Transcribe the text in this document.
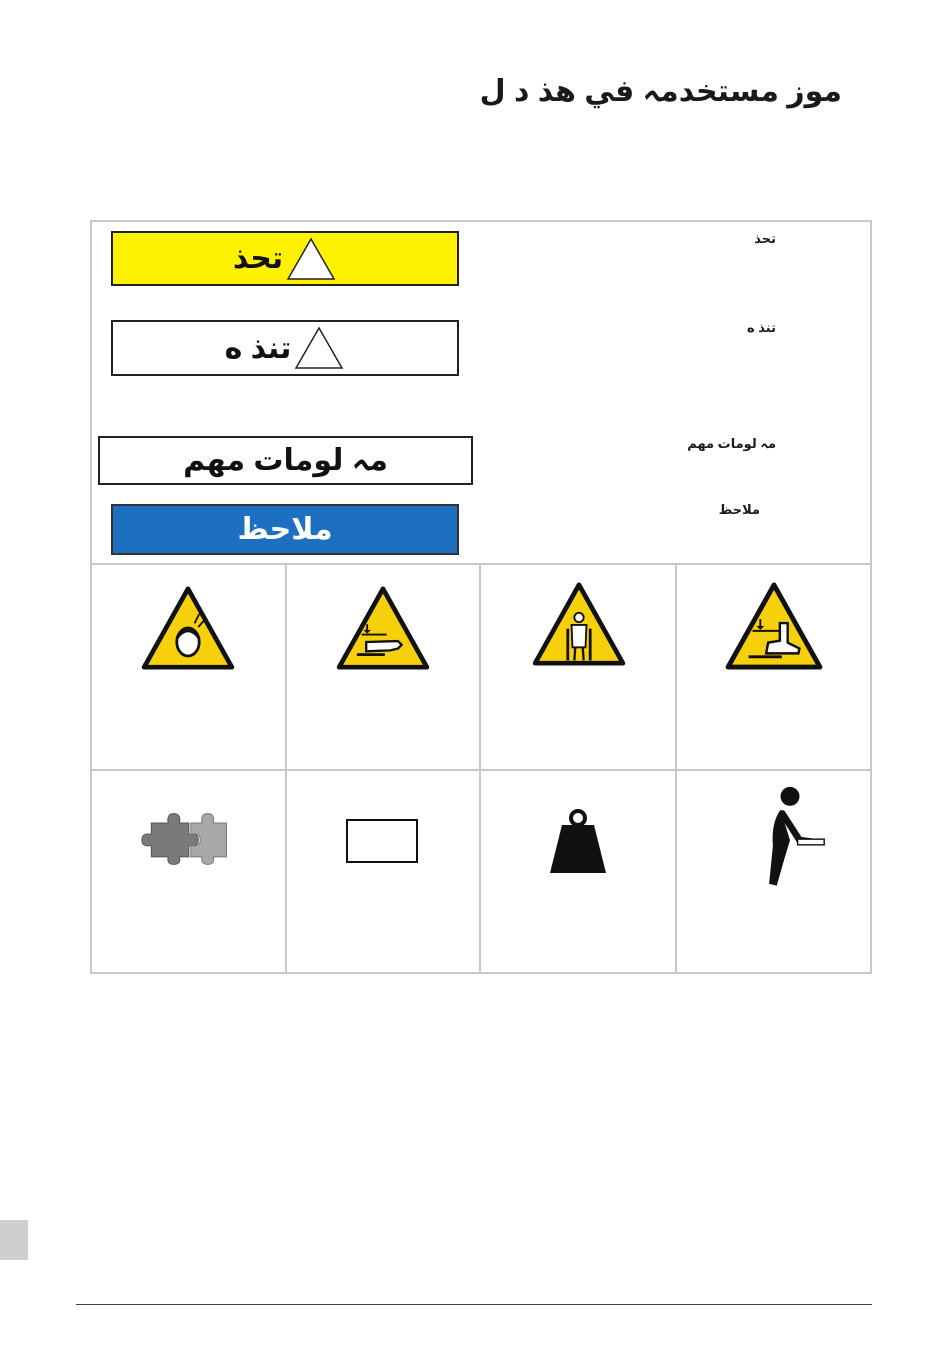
موز مستخدمہ في هذ د ل
تحذ
تنذ ه
مہ لومات مهم
ملاحظ
تحذ
تنذ ه
مہ لومات مهم
ملاحظ
